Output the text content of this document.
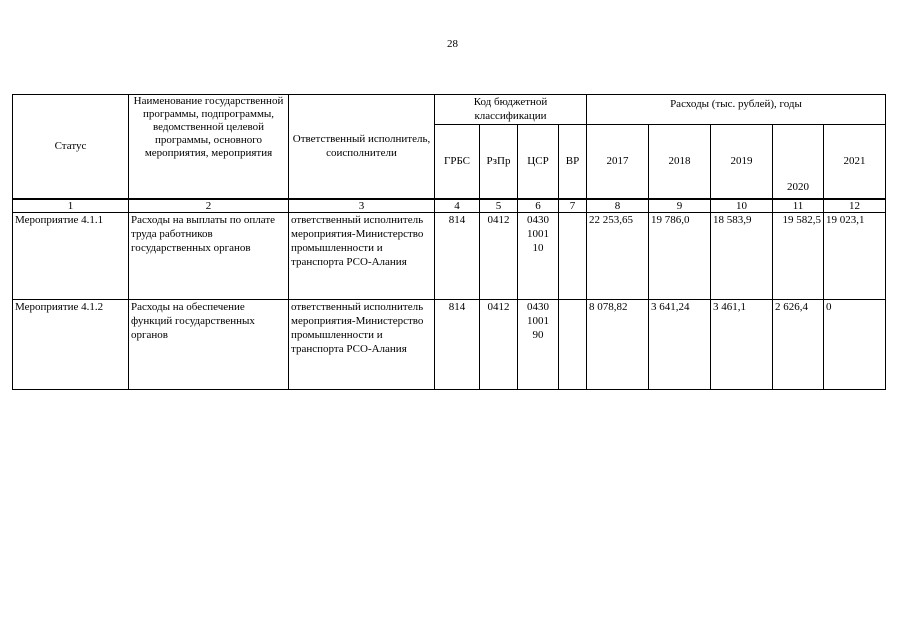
28
Статус	Наименование государственной программы, подпрограммы, ведомственной целевой программы, основного мероприятия, мероприятия	Ответственный исполнитель, соисполнители	Код бюджетной классификации				Расходы (тыс. рублей), годы				
			ГРБС	РзПр	ЦСР	ВР	2017	2018	2019	2020	2021
1	2	3	4	5	6	7	8	9	10	11	12
Мероприятие 4.1.1	Расходы на выплаты по оплате труда работников государственных органов	ответственный исполнитель мероприятия-Министерство промышленности и транспорта РСО-Алания	814	0412	0430 1001 10		22 253,65	19 786,0	18 583,9	19 582,5	19 023,1
Мероприятие 4.1.2	Расходы на обеспечение функций государственных органов	ответственный исполнитель мероприятия-Министерство промышленности и транспорта РСО-Алания	814	0412	0430 1001 90		8 078,82	3 641,24	3 461,1	2 626,4	0
